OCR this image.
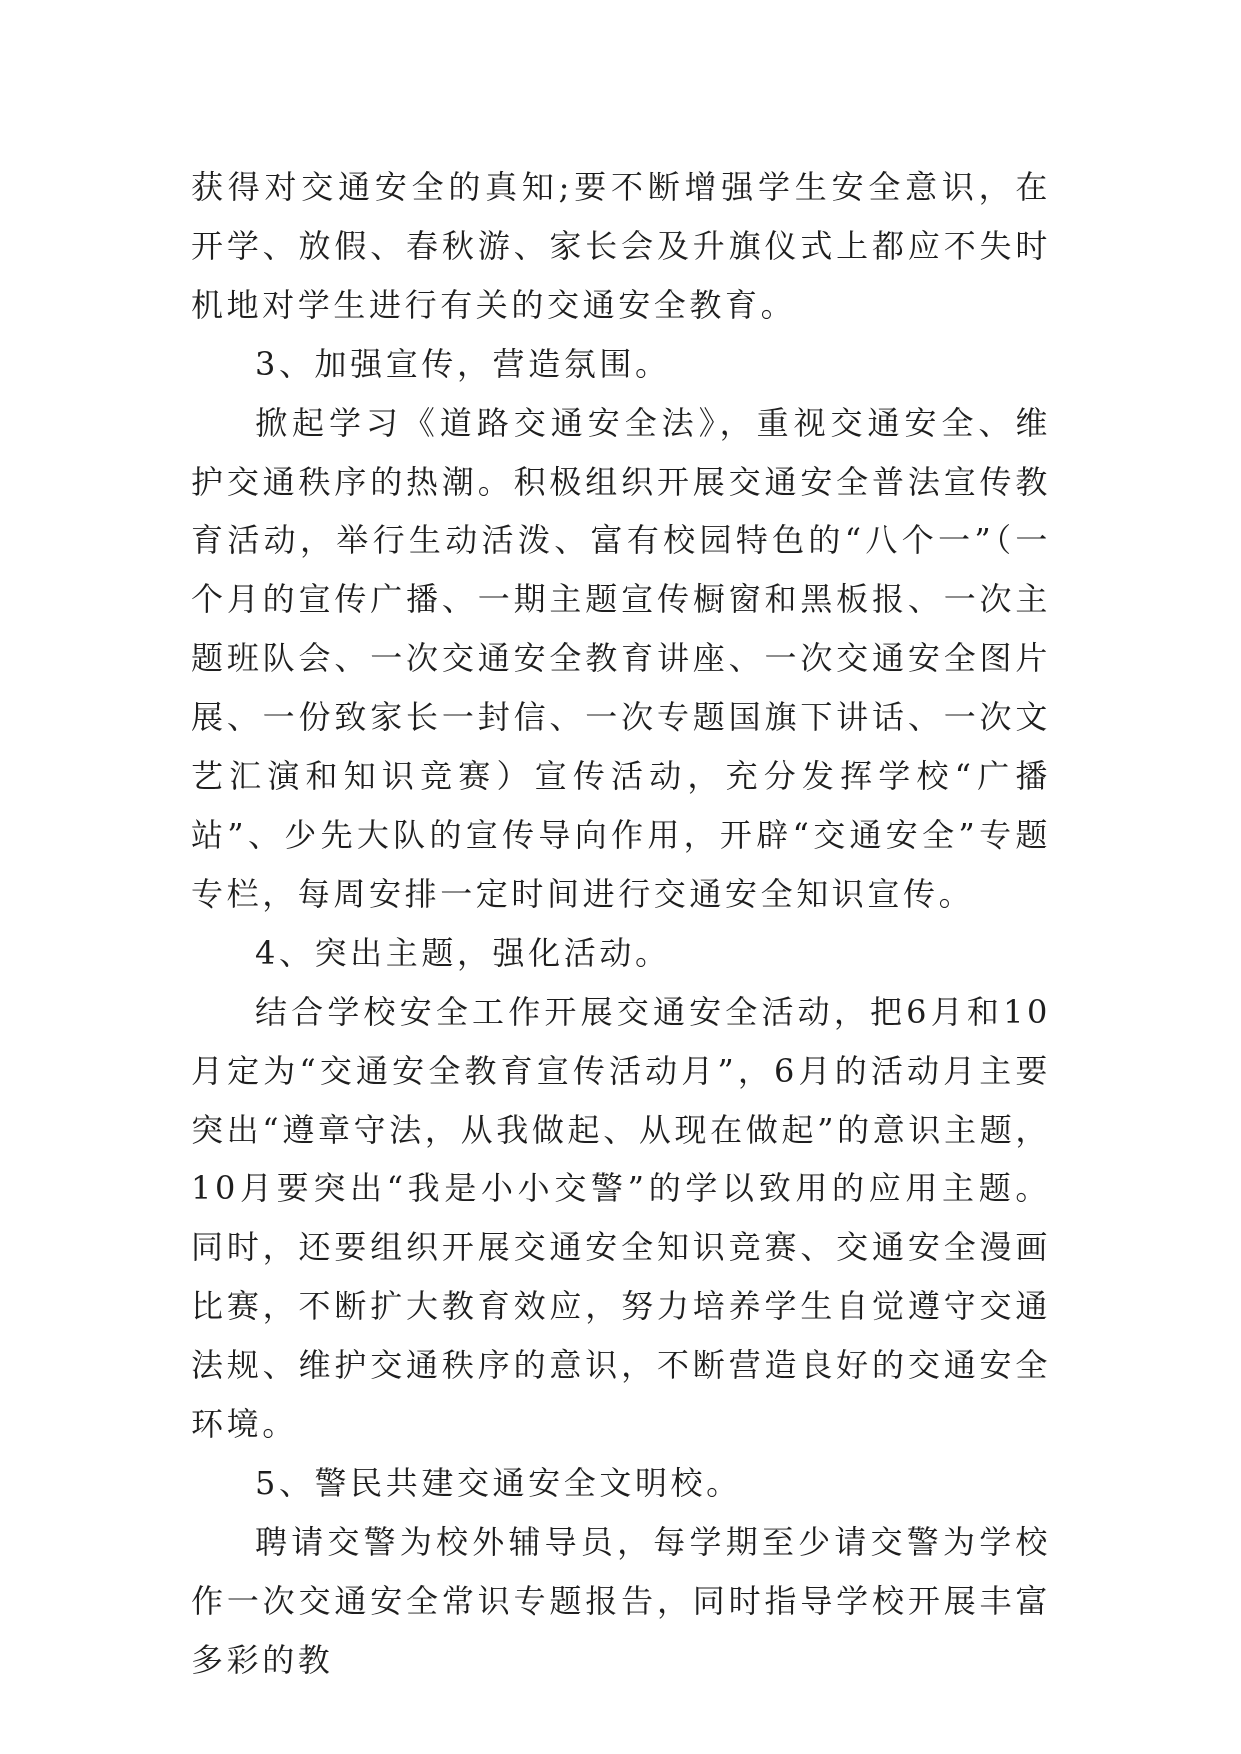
获得对交通安全的真知;要不断增强学生安全意识，在开学、放假、春秋游、家长会及升旗仪式上都应不失时机地对学生进行有关的交通安全教育。

3、加强宣传，营造氛围。

掀起学习《道路交通安全法》，重视交通安全、维护交通秩序的热潮。积极组织开展交通安全普法宣传教育活动，举行生动活泼、富有校园特色的“八个一”（一个月的宣传广播、一期主题宣传橱窗和黑板报、一次主题班队会、一次交通安全教育讲座、一次交通安全图片展、一份致家长一封信、一次专题国旗下讲话、一次文艺汇演和知识竞赛）宣传活动，充分发挥学校“广播站”、少先大队的宣传导向作用，开辟“交通安全”专题专栏，每周安排一定时间进行交通安全知识宣传。

4、突出主题，强化活动。

结合学校安全工作开展交通安全活动，把6月和10月定为“交通安全教育宣传活动月”，6月的活动月主要突出“遵章守法，从我做起、从现在做起”的意识主题，10月要突出“我是小小交警”的学以致用的应用主题。同时，还要组织开展交通安全知识竞赛、交通安全漫画比赛，不断扩大教育效应，努力培养学生自觉遵守交通法规、维护交通秩序的意识，不断营造良好的交通安全环境。

5、警民共建交通安全文明校。

聘请交警为校外辅导员，每学期至少请交警为学校作一次交通安全常识专题报告，同时指导学校开展丰富多彩的教
